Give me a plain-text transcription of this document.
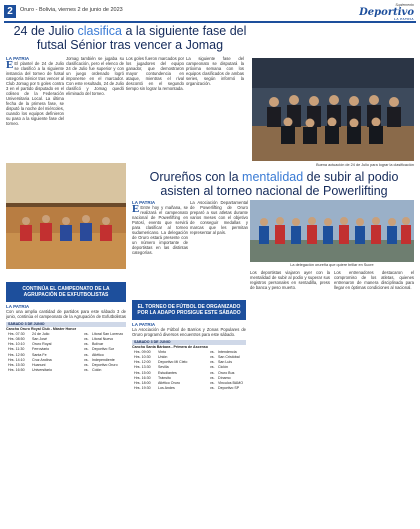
2	Oruro - Bolivia, viernes 2 de junio de 2023
Suplemento
Deportivo
LA PATRIA
24 de Julio clasifica a la siguiente fase del futsal Sénior tras vencer a Jomag
LA PATRIA

E El plantel de 24 de Julio se clasificó a la siguiente instancia del torneo de futsal categoría Sénior tras vencer al Club Jomag por 5 goles contra 3 en el partido disputado en el coliseo de la Federación Universitaria Local. La última fecha de la primera fase, se disputó la noche del miércoles, cuando los equipos definieron su paso a la siguiente fase del torneo.

Jomag también se jugaba su clasificación, pero el elenco de 24 de Julio fue superior y con un juego ordenado logró imponerse en el marcador. Con este resultado, 24 de Julio clasificó y Jomag quedó eliminado del torneo.

Los goles fueron marcados por los jugadores del equipo ganador, que demostraron mayor contundencia en ataque, mientras el rival descontó en el segundo tiempo sin lograr la remontada.

La siguiente fase del campeonato se disputará la próxima semana con los equipos clasificados de ambas series, según informó la organización.

Buena actuación de 24 de Julio para lograr la clasificación
Orureños con la mentalidad de subir al podio asisten al torneo nacional de Powerlifting
LA PATRIA

E Entre hoy y mañana, se realizará el campeonato nacional de Powerlifting en Potosí, evento que servirá para clasificar al torneo sudamericano. La delegación de Oruro estará presente con un número importante de deportistas en las distintas categorías.

La Asociación Departamental de Powerlifting de Oruro preparó a sus atletas durante varios meses con el objetivo de conseguir medallas y marcas que les permitan representar al país.

La delegación orureña que quiere brillar en Sucre

Los deportistas viajaron ayer con la mentalidad de subir al podio y superar sus registros personales en sentadilla, press de banca y peso muerto.

Los entrenadores destacaron el compromiso de los atletas, quienes entrenaron de manera disciplinada para llegar en óptimas condiciones al nacional.

CONTINÚA EL CAMPEONATO DE LA AGRUPACIÓN DE EXFUTBOLISTAS
LA PATRIA

Con una amplia cantidad de partidos para este sábado 3 de junio, continúa el campeonato de la Agrupación de Exfutbolistas

SÁBADO 3 DE JUNIO
Cancha Oruro Royal Club - Máster Honor
Hrs. 07:30	24 de Julio	vs. Litoral San Lorenzo
Hrs. 08:50	San José	vs. Litoral Nuevo
Hrs. 10:10	Oruro Royal	vs. Bolívar
Hrs. 11:30	Ferroviario	vs. Deportivo Sur
Hrs. 12:50	Santa Fe	vs. Atlético
Hrs. 14:10	Cruz Andina	vs. Independiente
Hrs. 15:30	Huanuni	vs. Deportivo Oruro
Hrs. 16:50	Universitario	vs. Colón
EL TORNEO DE FÚTBOL DE ORGANIZADO POR LA ADAPO PROSIGUE ESTE SÁBADO
LA PATRIA

La Asociación de Fútbol de Barrios y Zonas Populares de Oruro programó diversos encuentros para este sábado.

SÁBADO 3 DE JUNIO
Cancha Santa Bárbara - Primera de Ascenso
Hrs. 09:00	Vinto	vs. Intendencia
Hrs. 10:30	Unión	vs. San Cristóbal
Hrs. 12:00	Deportivo Mi Cielo	vs. San Luis
Hrs. 13:30	Sevilla	vs. Ciclón
Hrs. 15:00	Estudiantes	vs. Oruro Bus
Hrs. 16:30	Tránsito	vs. Dínamo
Hrs. 18:00	Atlético Oruro	vs. Vinculos BAMO
Hrs. 19:30	Los Andes	vs. Deportivo SP
